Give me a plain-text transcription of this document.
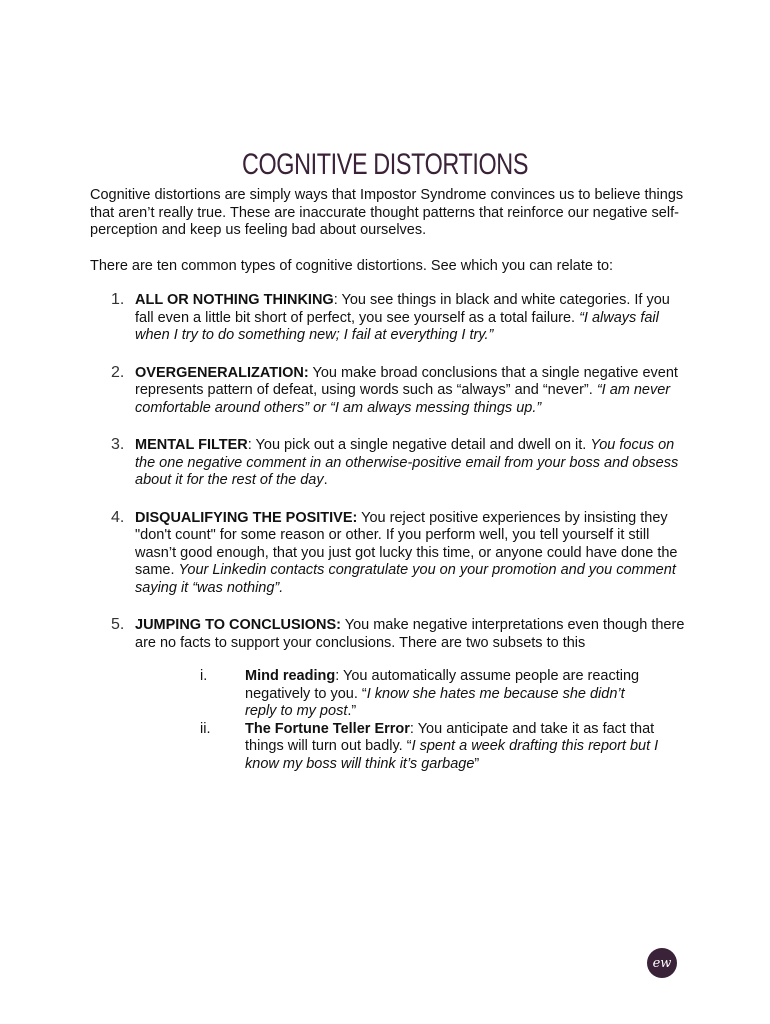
COGNITIVE DISTORTIONS

Cognitive distortions are simply ways that Impostor Syndrome convinces us to believe things that aren’t really true. These are inaccurate thought patterns that reinforce our negative self-perception and keep us feeling bad about ourselves.

There are ten common types of cognitive distortions. See which you can relate to:

1. ALL OR NOTHING THINKING: You see things in black and white categories. If you fall even a little bit short of perfect, you see yourself as a total failure. “I always fail when I try to do something new; I fail at everything I try.”
2. OVERGENERALIZATION: You make broad conclusions that a single negative event represents pattern of defeat, using words such as “always” and “never”. “I am never comfortable around others” or “I am always messing things up.”
3. MENTAL FILTER: You pick out a single negative detail and dwell on it. You focus on the one negative comment in an otherwise-positive email from your boss and obsess about it for the rest of the day.
4. DISQUALIFYING THE POSITIVE: You reject positive experiences by insisting they "don't count" for some reason or other. If you perform well, you tell yourself it still wasn’t good enough, that you just got lucky this time, or anyone could have done the same. Your Linkedin contacts congratulate you on your promotion and you comment saying it “was nothing”.
5. JUMPING TO CONCLUSIONS: You make negative interpretations even though there are no facts to support your conclusions. There are two subsets to this
i.	Mind reading: You automatically assume people are reacting negatively to you. “I know she hates me because she didn’t reply to my post.”
ii. The Fortune Teller Error: You anticipate and take it as fact that things will turn out badly. “I spent a week drafting this report but I know my boss will think it’s garbage”
ew
